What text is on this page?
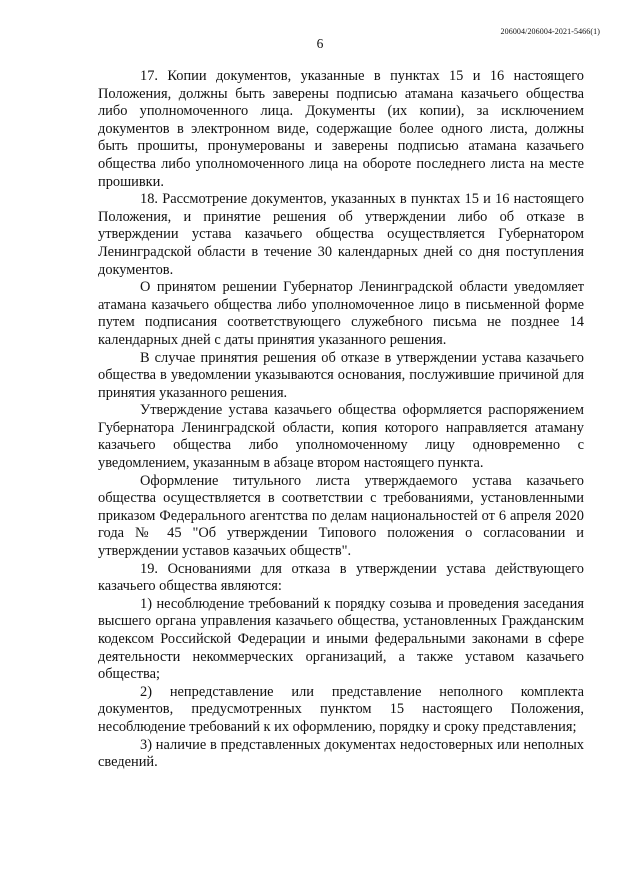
206004/206004-2021-5466(1)
6

17. Копии документов, указанные в пунктах 15 и 16 настоящего Положения, должны быть заверены подписью атамана казачьего общества либо уполномоченного лица. Документы (их копии), за исключением документов в электронном виде, содержащие более одного листа, должны быть прошиты, пронумерованы и заверены подписью атамана казачьего общества либо уполномоченного лица на обороте последнего листа на месте прошивки.

18. Рассмотрение документов, указанных в пунктах 15 и 16 настоящего Положения, и принятие решения об утверждении либо об отказе в утверждении устава казачьего общества осуществляется Губернатором Ленинградской области в течение 30 календарных дней со дня поступления документов.

О принятом решении Губернатор Ленинградской области уведомляет атамана казачьего общества либо уполномоченное лицо в письменной форме путем подписания соответствующего служебного письма не позднее 14 календарных дней с даты принятия указанного решения.

В случае принятия решения об отказе в утверждении устава казачьего общества в уведомлении указываются основания, послужившие причиной для принятия указанного решения.

Утверждение устава казачьего общества оформляется распоряжением Губернатора Ленинградской области, копия которого направляется атаману казачьего общества либо уполномоченному лицу одновременно с уведомлением, указанным в абзаце втором настоящего пункта.

Оформление титульного листа утверждаемого устава казачьего общества осуществляется в соответствии с требованиями, установленными приказом Федерального агентства по делам национальностей от 6 апреля 2020 года № 45 "Об утверждении Типового положения о согласовании и утверждении уставов казачьих обществ".

19. Основаниями для отказа в утверждении устава действующего казачьего общества являются:

1) несоблюдение требований к порядку созыва и проведения заседания высшего органа управления казачьего общества, установленных Гражданским кодексом Российской Федерации и иными федеральными законами в сфере деятельности некоммерческих организаций, а также уставом казачьего общества;

2) непредставление или представление неполного комплекта документов, предусмотренных пунктом 15 настоящего Положения, несоблюдение требований к их оформлению, порядку и сроку представления;

3) наличие в представленных документах недостоверных или неполных сведений.
